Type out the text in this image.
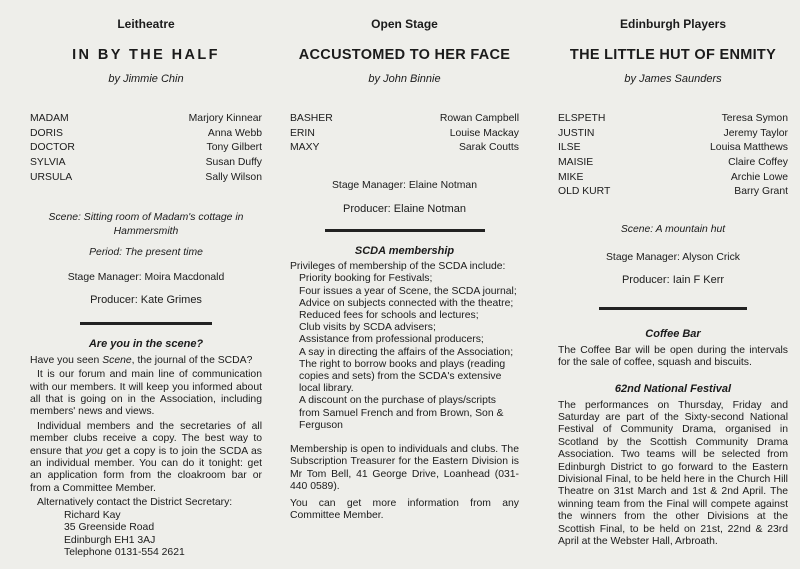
Leitheatre
IN BY THE HALF
by Jimmie Chin
MADAM	Marjory Kinnear
DORIS	Anna Webb
DOCTOR	Tony Gilbert
SYLVIA	Susan Duffy
URSULA	Sally Wilson
Scene: Sitting room of Madam's cottage in
Hammersmith
Period: The present time
Stage Manager: Moira Macdonald
Producer: Kate Grimes
Are you in the scene?
Have you seen Scene, the journal of the SCDA?
It is our forum and main line of communication with our members. It will keep you informed about all that is going on in the Association, including members' news and views.
Individual members and the secretaries of all member clubs receive a copy. The best way to ensure that you get a copy is to join the SCDA as an individual member. You can do it tonight: get an application form from the cloakroom bar or from a Committee Member.
Alternatively contact the District Secretary:
Richard Kay
35 Greenside Road
Edinburgh EH1 3AJ
Telephone 0131-554 2621
Open Stage
ACCUSTOMED TO HER FACE
by John Binnie
BASHER	Rowan Campbell
ERIN	Louise Mackay
MAXY	Sarak Coutts
Stage Manager: Elaine Notman
Producer: Elaine Notman
SCDA membership
Privileges of membership of the SCDA include:
Priority booking for Festivals;
Four issues a year of Scene, the SCDA journal;
Advice on subjects connected with the theatre;
Reduced fees for schools and lectures;
Club visits by SCDA advisers;
Assistance from professional producers;
A say in directing the affairs of the Association;
The right to borrow books and plays (reading copies and sets) from the SCDA's extensive local library.
A discount on the purchase of plays/scripts from Samuel French and from Brown, Son & Ferguson
Membership is open to individuals and clubs. The Subscription Treasurer for the Eastern Division is Mr Tom Bell, 41 George Drive, Loanhead (031-440 0589).
You can get more information from any Committee Member.
Edinburgh Players
THE LITTLE HUT OF ENMITY
by James Saunders
ELSPETH	Teresa Symon
JUSTIN	Jeremy Taylor
ILSE	Louisa Matthews
MAISIE	Claire Coffey
MIKE	Archie Lowe
OLD KURT	Barry Grant
Scene: A mountain hut
Stage Manager: Alyson Crick
Producer: Iain F Kerr
Coffee Bar
The Coffee Bar will be open during the intervals for the sale of coffee, squash and biscuits.
62nd National Festival
The performances on Thursday, Friday and Saturday are part of the Sixty-second National Festival of Community Drama, organised in Scotland by the Scottish Community Drama Association. Two teams will be selected from Edinburgh District to go forward to the Eastern Divisional Final, to be held here in the Church Hill Theatre on 31st March and 1st & 2nd April. The winning team from the Final will compete against the winners from the other Divisions at the Scottish Final, to be held on 21st, 22nd & 23rd April at the Webster Hall, Arbroath.
